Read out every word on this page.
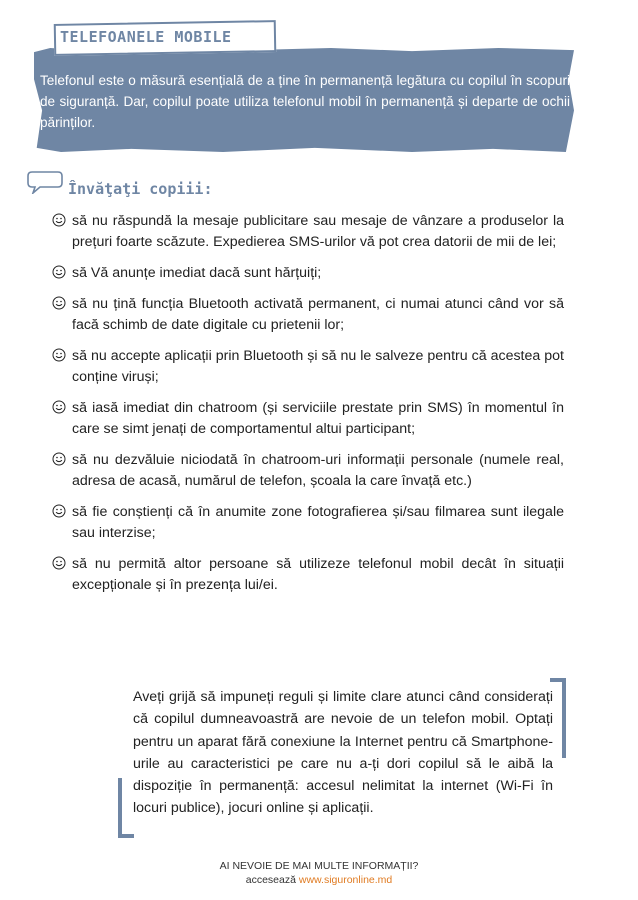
TELEFOANELE MOBILE

Telefonul este o măsură esențială de a ține în permanență legătura cu copilul în scopuri de siguranță. Dar, copilul poate utiliza telefonul mobil în permanență și departe de ochii părinților.

Învăţaţi copiii:
să nu răspundă la mesaje publicitare sau mesaje de vânzare a produselor la prețuri foarte scăzute. Expedierea SMS-urilor vă pot crea datorii de mii de lei;
să Vă anunțe imediat dacă sunt hărțuiți;
să nu țină funcția Bluetooth activată permanent, ci numai atunci când vor să facă schimb de date digitale cu prietenii lor;
să nu accepte aplicații prin Bluetooth și să nu le salveze pentru că acestea pot conține viruși;
să iasă imediat din chatroom (și serviciile prestate prin SMS) în momentul în care se simt jenați de comportamentul altui participant;
să nu dezvăluie niciodată în chatroom-uri informații personale (numele real, adresa de acasă, numărul de telefon, școala la care învață etc.)
să fie conștienți că în anumite zone fotografierea și/sau filmarea sunt ilegale sau interzise;
să nu permită altor persoane să utilizeze telefonul mobil decât în situații excepționale și în prezența lui/ei.

Aveți grijă să impuneți reguli și limite clare atunci când considerați că copilul dumneavoastră are nevoie de un telefon mobil. Optați pentru un aparat fără conexiune la Internet pentru că Smartphone-urile au caracteristici pe care nu a-ți dori copilul să le aibă la dispoziție în permanență: accesul nelimitat la internet (Wi-Fi în locuri publice), jocuri online și aplicații.

AI NEVOIE DE MAI MULTE INFORMAȚII?
accesează www.siguronline.md
